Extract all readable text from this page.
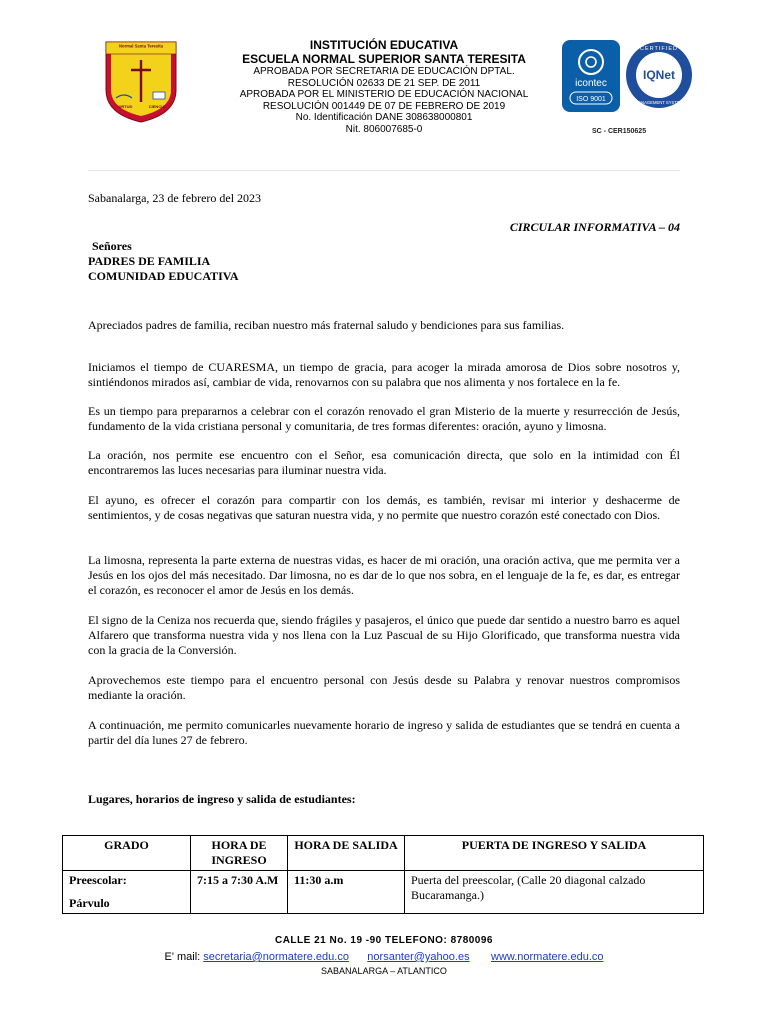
Normal Santa Teresita
VIRTUD	CIENCIA
INSTITUCIÓN EDUCATIVA
ESCUELA NORMAL SUPERIOR SANTA TERESITA
APROBADA POR SECRETARIA DE EDUCACIÓN DPTAL.
RESOLUCIÓN 02633 DE 21 SEP. DE 2011
APROBADA POR EL MINISTERIO DE EDUCACIÓN NACIONAL
RESOLUCIÓN 001449 DE 07 DE FEBRERO DE 2019
No. Identificación DANE 308638000801
Nit. 806007685-0
icontec
ISO 9001
CERTIFIED
MANAGEMENT SYSTEM
IQNet
SC - CER150625
Sabanalarga, 23 de febrero del 2023
CIRCULAR INFORMATIVA – 04
Señores
PADRES DE FAMILIA
COMUNIDAD EDUCATIVA
Apreciados padres de familia, reciban nuestro más fraternal saludo y bendiciones para sus familias.
Iniciamos el tiempo de CUARESMA, un tiempo de gracia, para acoger la mirada amorosa de Dios sobre nosotros y, sintiéndonos mirados así, cambiar de vida, renovarnos con su palabra que nos alimenta y nos fortalece en la fe.
Es un tiempo para prepararnos a celebrar con el corazón renovado el gran Misterio de la muerte y resurrección de Jesús, fundamento de la vida cristiana personal y comunitaria, de tres formas diferentes: oración, ayuno y limosna.
La oración, nos permite ese encuentro con el Señor, esa comunicación directa, que solo en la intimidad con Él encontraremos las luces necesarias para iluminar nuestra vida.
El ayuno, es ofrecer el corazón para compartir con los demás, es también, revisar mi interior y deshacerme de sentimientos, y de cosas negativas que saturan nuestra vida, y no permite que nuestro corazón esté conectado con Dios.
La limosna, representa la parte externa de nuestras vidas, es hacer de mi oración, una oración activa, que me permita ver a Jesús en los ojos del más necesitado. Dar limosna, no es dar de lo que nos sobra, en el lenguaje de la fe, es dar, es entregar el corazón, es reconocer el amor de Jesús en los demás.
El signo de la Ceniza nos recuerda que, siendo frágiles y pasajeros, el único que puede dar sentido a nuestro barro es aquel Alfarero que transforma nuestra vida y nos llena con la Luz Pascual de su Hijo Glorificado, que transforma nuestra vida con la gracia de la Conversión.
Aprovechemos este tiempo para el encuentro personal con Jesús desde su Palabra y renovar nuestros compromisos mediante la oración.
A continuación, me permito comunicarles nuevamente horario de ingreso y salida de estudiantes que se tendrá en cuenta a partir del día lunes 27 de febrero.
Lugares, horarios de ingreso y salida de estudiantes:
GRADO	HORA DE INGRESO	HORA DE SALIDA	PUERTA DE INGRESO Y SALIDA

Preescolar:
Párvulo	7:15 a 7:30 A.M	11:30 a.m	Puerta del preescolar, (Calle 20 diagonal calzado Bucaramanga.)
CALLE 21 No. 19 -90 TELEFONO: 8780096
E' mail: secretaria@normatere.edu.co norsanter@yahoo.es www.normatere.edu.co
SABANALARGA – ATLANTICO
